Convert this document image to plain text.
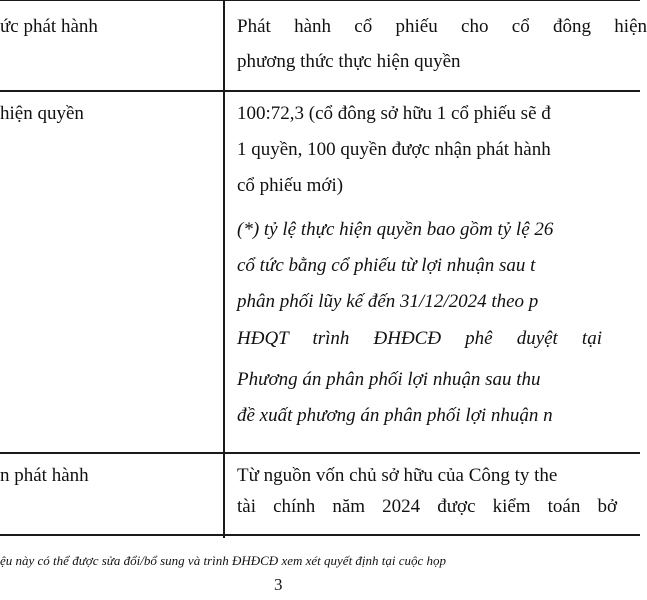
ức phát hành	Phát hành cổ phiếu cho cổ đông hiện
phương thức thực hiện quyền
hiện quyền	100:72,3 (cổ đông sở hữu 1 cổ phiếu sẽ đ
1 quyền, 100 quyền được nhận phát hành
cổ phiếu mới)
(*) tỷ lệ thực hiện quyền bao gồm tỷ lệ 26
cổ tức bằng cổ phiếu từ lợi nhuận sau t
phân phối lũy kế đến 31/12/2024 theo p
HĐQT trình ĐHĐCĐ phê duyệt tại
Phương án phân phối lợi nhuận sau thu
đề xuất phương án phân phối lợi nhuận n
n phát hành	Từ nguồn vốn chủ sở hữu của Công ty the
tài chính năm 2024 được kiểm toán bở
ệu này có thể được sửa đổi/bổ sung và trình ĐHĐCĐ xem xét quyết định tại cuộc họp
3
